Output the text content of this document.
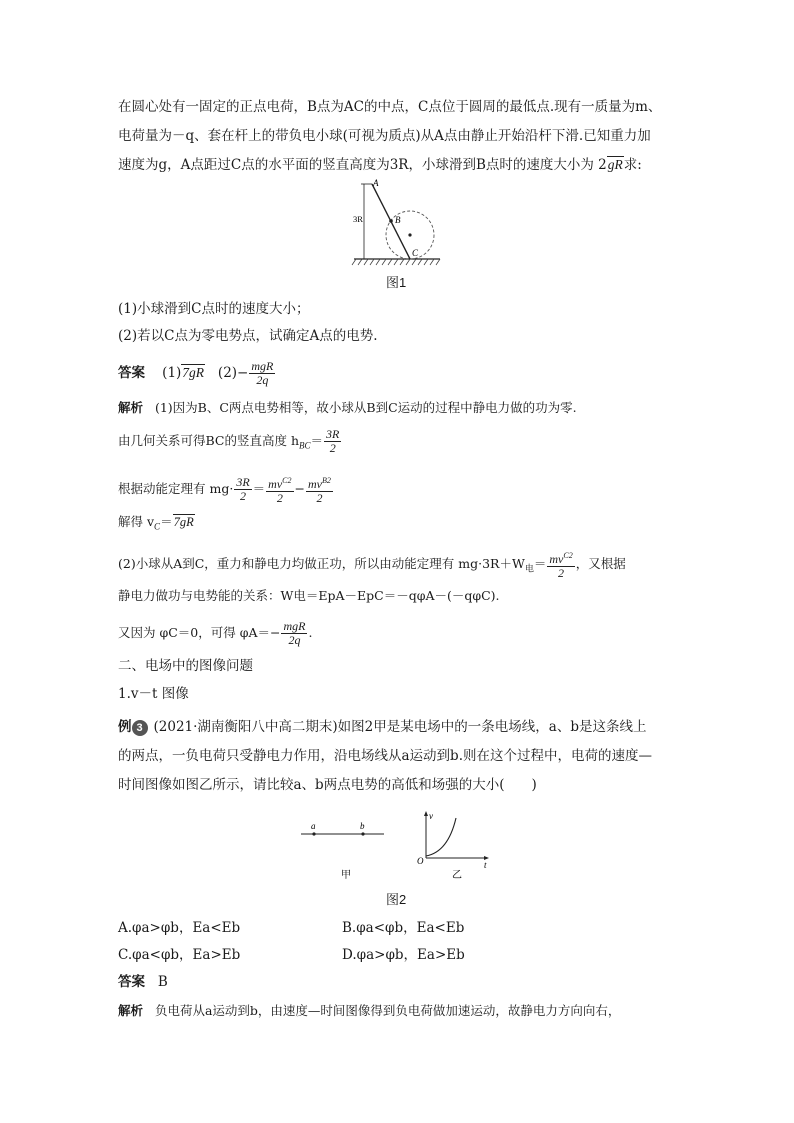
在圆心处有一固定的正点电荷，B点为AC的中点，C点位于圆周的最低点.现有一质量为m、
电荷量为－q、套在杆上的带负电小球(可视为质点)从A点由静止开始沿杆下滑.已知重力加
速度为g，A点距过C点的水平面的竖直高度为3R，小球滑到B点时的速度大小为 2gR求:
A
B
C
3R
图1
(1)小球滑到C点时的速度大小；
(2)若以C点为零电势点，试确定A点的电势.
答案 (1)7gR $(2)- \frac{\text{mgR}}{2q}$
解析 (1)因为B、C两点电势相等，故小球从B到C运动的过程中静电力做的功为零.
由几何关系可得BC的竖直高度 $h_{BC}= \frac{3R}{2}$
根据动能定理有 $mg\cdot \frac{3R}{2} = \frac{mv^{C2}}{2} - \frac{mv^{B2}}{2}$
解得 $v_C=7gR$
(2)小球从A到C，重力和静电力均做正功，所以由动能定理有 $mg\cdot 3R+W_电= \frac{mv^{C2}}{2}$ ，又根据
静电力做功与电势能的关系：W电＝EpA－EpC＝－qφA－(－qφC).
又因为 φC＝0，可得 $\varphi A=- \frac{\text{mgR}}{2q}$ .
二、电场中的图像问题
1.v－t 图像
例 3 (2021·湖南衡阳八中高二期末)如图2甲是某电场中的一条电场线，a、b是这条线上
的两点，一负电荷只受静电力作用，沿电场线从a运动到b.则在这个过程中，电荷的速度—
时间图像如图乙所示，请比较a、b两点电势的高低和场强的大小(　　)
a	b
v
t
O
甲	乙
图2
A.φa>φb，Ea<Eb	B.φa<φb，Ea<Eb
C.φa<φb，Ea>Eb	D.φa>φb，Ea>Eb
答案 B
解析 负电荷从a运动到b，由速度—时间图像得到负电荷做加速运动，故静电力方向向右，
